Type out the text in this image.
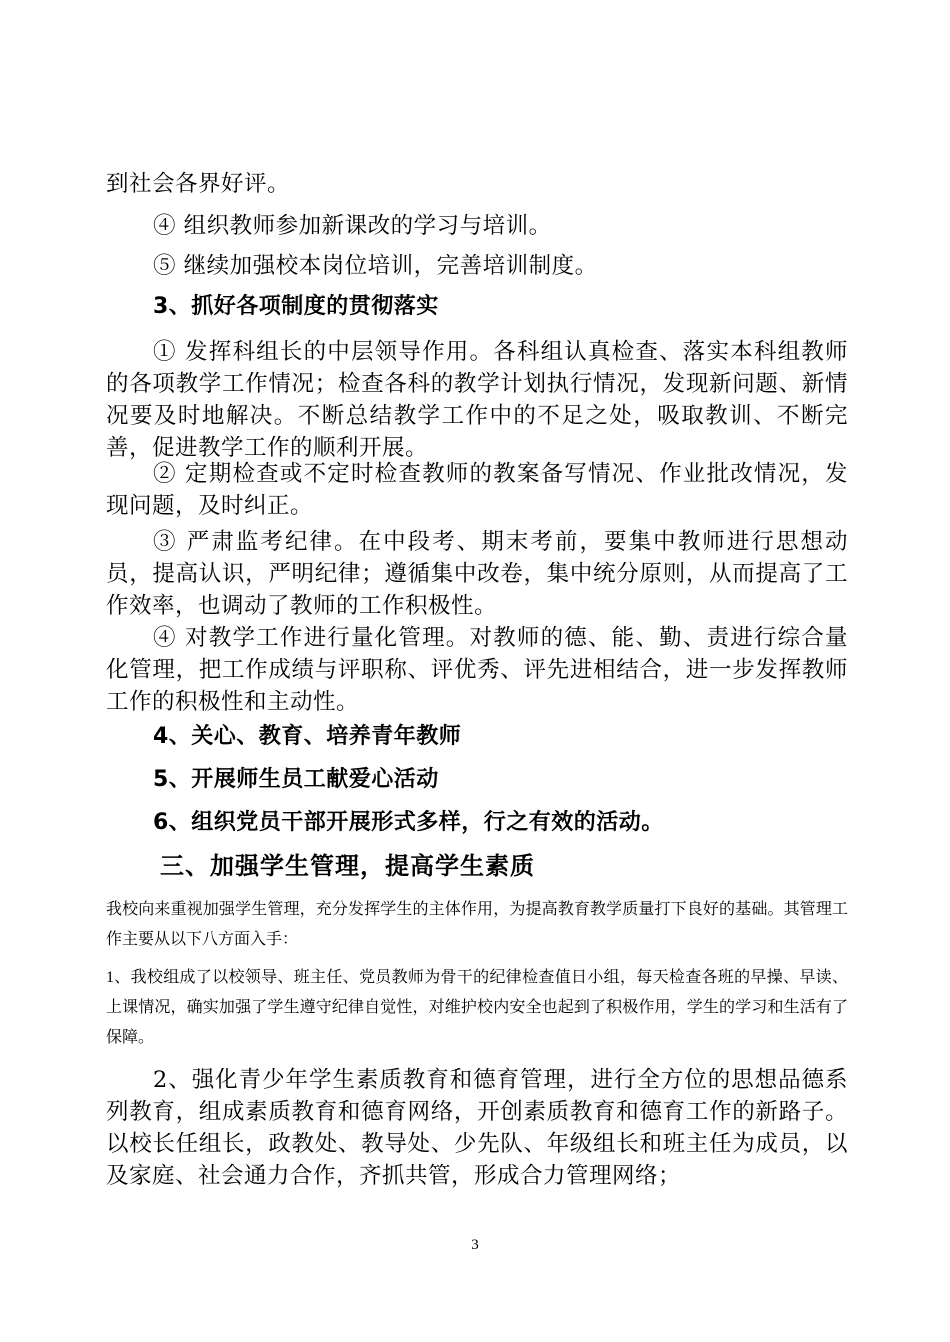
到社会各界好评。

④ 组织教师参加新课改的学习与培训。

⑤ 继续加强校本岗位培训，完善培训制度。

3、抓好各项制度的贯彻落实

① 发挥科组长的中层领导作用。各科组认真检查、落实本科组教师的各项教学工作情况；检查各科的教学计划执行情况，发现新问题、新情况要及时地解决。不断总结教学工作中的不足之处，吸取教训、不断完善，促进教学工作的顺利开展。

② 定期检查或不定时检查教师的教案备写情况、作业批改情况，发现问题，及时纠正。

③ 严肃监考纪律。在中段考、期末考前，要集中教师进行思想动员，提高认识，严明纪律；遵循集中改卷，集中统分原则，从而提高了工作效率，也调动了教师的工作积极性。

④ 对教学工作进行量化管理。对教师的德、能、勤、责进行综合量化管理，把工作成绩与评职称、评优秀、评先进相结合，进一步发挥教师工作的积极性和主动性。

4、关心、教育、培养青年教师

5、开展师生员工献爱心活动

6、组织党员干部开展形式多样，行之有效的活动。

三、加强学生管理，提高学生素质

我校向来重视加强学生管理，充分发挥学生的主体作用，为提高教育教学质量打下良好的基础。其管理工作主要从以下八方面入手：

1、我校组成了以校领导、班主任、党员教师为骨干的纪律检查值日小组，每天检查各班的早操、早读、上课情况，确实加强了学生遵守纪律自觉性，对维护校内安全也起到了积极作用，学生的学习和生活有了保障。

2、强化青少年学生素质教育和德育管理，进行全方位的思想品德系列教育，组成素质教育和德育网络，开创素质教育和德育工作的新路子。以校长任组长，政教处、教导处、少先队、年级组长和班主任为成员，以及家庭、社会通力合作，齐抓共管，形成合力管理网络；

3
